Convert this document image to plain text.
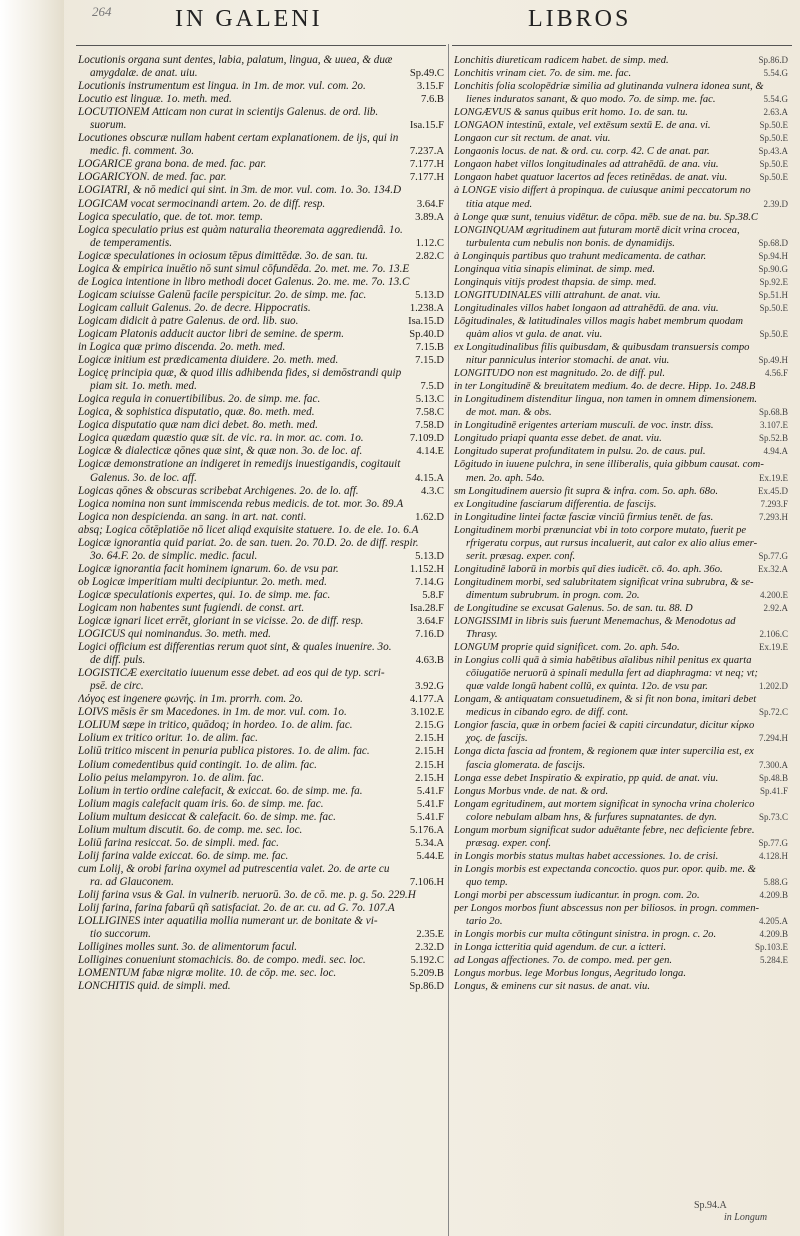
264	IN GALENI	LIBROS
Locutionis organa sunt dentes, labia, palatum, lingua, & uuea, & duæ
amygdalæ. de anat. uiu.	Sp.49.C
Locutionis instrumentum est lingua. in 1m. de mor. vul. com. 2o.	3.15.F
Locutio est linguæ. 1o. meth. med.	7.6.B
LOCUTIONEM Atticam non curat in scientijs Galenus. de ord. lib.
suorum.	Isa.15.F
Locutiones obscuræ nullam habent certam explanationem. de ijs, qui in
medic. fi. comment. 3o.	7.237.A
LOGARICE grana bona. de med. fac. par.	7.177.H
LOGARICYON. de med. fac. par.	7.177.H
LOGIATRI, & nō medici qui sint. in 3m. de mor. vul. com. 1o. 3o. 134.D
LOGICAM vocat sermocinandi artem. 2o. de diff. resp.	3.64.F
Logica speculatio, que. de tot. mor. temp.	3.89.A
Logica speculatio prius est quàm naturalia theoremata aggrediendâ. 1o.
de temperamentis.	1.12.C
Logicæ speculationes in ociosum tēpus dimittēdæ. 3o. de san. tu.	2.82.C
Logica & empirica inuētio nō sunt simul cōfundēda. 2o. met. me. 7o. 13.E
de Logica intentione in libro methodi docet Galenus. 2o. me. me. 7o. 13.C
Logicam sciuisse Galenū facile perspicitur. 2o. de simp. me. fac.	5.13.D
Logicam calluit Galenus. 2o. de decre. Hippocratis.	1.238.A
Logicam didicit à patre Galenus. de ord. lib. suo.	Isa.15.D
Logicam Platonis adducit auctor libri de semine. de sperm.	Sp.40.D
in Logica quæ primo discenda. 2o. meth. med.	7.15.B
Logicæ initium est prædicamenta diuidere. 2o. meth. med.	7.15.D
Logicę principia quæ, & quod illis adhibenda fides, si demōstrandi quip
piam sit. 1o. meth. med.	7.5.D
Logica regula in conuertibilibus. 2o. de simp. me. fac.	5.13.C
Logica, & sophistica disputatio, quæ. 8o. meth. med.	7.58.C
Logica disputatio quæ nam dici debet. 8o. meth. med.	7.58.D
Logica quædam quæstio quæ sit. de vic. ra. in mor. ac. com. 1o.	7.109.D
Logicæ & dialecticæ qōnes quæ sint, & quæ non. 3o. de loc. af.	4.14.E
Logicæ demonstratione an indigeret in remedijs inuestigandis, cogitauit
Galenus. 3o. de loc. aff.	4.15.A
Logicas qōnes & obscuras scribebat Archigenes. 2o. de lo. aff.	4.3.C
Logica nomina non sunt immiscenda rebus medicis. de tot. mor. 3o. 89.A
Logica non despicienda. an sang. in art. nat. conti.	1.62.D
absq; Logica cōtēplatiōe nō licet aliqd exquisite statuere. 1o. de ele. 1o. 6.A
Logicæ ignorantia quid pariat. 2o. de san. tuen. 2o. 70.D. 2o. de diff. respir.
3o. 64.F. 2o. de simplic. medic. facul.	5.13.D
Logicæ ignorantia facit hominem ignarum. 6o. de vsu par.	1.152.H
ob Logicæ imperitiam multi decipiuntur. 2o. meth. med.	7.14.G
Logicæ speculationis expertes, qui. 1o. de simp. me. fac.	5.8.F
Logicam non habentes sunt fugiendi. de const. art.	Isa.28.F
Logicæ ignari licet errēt, gloriant in se vicisse. 2o. de diff. resp.	3.64.F
LOGICUS qui nominandus. 3o. meth. med.	7.16.D
Logici officium est differentias rerum quot sint, & quales inuenire. 3o.
de diff. puls.	4.63.B
LOGISTICÆ exercitatio iuuenum esse debet. ad eos qui de typ. scri-
psē. de circ.	3.92.G
Λόγος est ingenere φωνής. in 1m. prorrh. com. 2o.	4.177.A
LOIVS mēsis ēr sm Macedones. in 1m. de mor. vul. com. 1o.	3.102.E
LOLIUM sæpe in tritico, quādoq; in hordeo. 1o. de alim. fac.	2.15.G
Lolium ex tritico oritur. 1o. de alim. fac.	2.15.H
Loliū tritico miscent in penuria publica pistores. 1o. de alim. fac.	2.15.H
Lolium comedentibus quid contingit. 1o. de alim. fac.	2.15.H
Lolio peius melampyron. 1o. de alim. fac.	2.15.H
Lolium in tertio ordine calefacit, & exiccat. 6o. de simp. me. fa.	5.41.F
Lolium magis calefacit quam iris. 6o. de simp. me. fac.	5.41.F
Lolium multum desiccat & calefacit. 6o. de simp. me. fac.	5.41.F
Lolium multum discutit. 6o. de comp. me. sec. loc.	5.176.A
Loliū farina resiccat. 5o. de simpli. med. fac.	5.34.A
Lolij farina valde exiccat. 6o. de simp. me. fac.	5.44.E
cum Lolij, & orobi farina oxymel ad putrescentia valet. 2o. de arte cu
ra. ad Glauconem.	7.106.H
Lolij farina vsus & Gal. in vulnerib. neruorū. 3o. de cō. me. p. g. 5o. 229.H
Lolij farina, farina fabarū qñ satisfaciat. 2o. de ar. cu. ad G. 7o. 107.A
LOLLIGINES inter aquatilia mollia numerant ur. de bonitate & vi-
tio succorum.	2.35.E
Lolligines molles sunt. 3o. de alimentorum facul.	2.32.D
Lolligines conueniunt stomachicis. 8o. de compo. medi. sec. loc.	5.192.C
LOMENTUM fabæ nigræ molite. 10. de cōp. me. sec. loc.	5.209.B
LONCHITIS quid. de simpli. med.	Sp.86.D
Lonchitis diureticam radicem habet. de simp. med.	Sp.86.D
Lonchitis vrinam ciet. 7o. de sim. me. fac.	5.54.G
Lonchitis folia scolopēdriæ similia ad glutinanda vulnera idonea sunt, &
lienes induratos sanant, & quo modo. 7o. de simp. me. fac.	5.54.G
LONGÆVUS & sanus quibus erit homo. 1o. de san. tu.	2.63.A
LONGAON intestinū, extale, vel extēsum sextū E. de ana. vi.	Sp.50.E
Longaon cur sit rectum. de anat. viu.	Sp.50.E
Longaonis locus. de nat. & ord. cu. corp. 42. C de anat. par.	Sp.43.A
Longaon habet villos longitudinales ad attrahēdū. de ana. viu.	Sp.50.E
Longaon habet quatuor lacertos ad feces retinēdas. de anat. viu.	Sp.50.E
à LONGE visio differt à propinqua. de cuiusque animi peccatorum no
titia atque med.	2.39.D
à Longe quæ sunt, tenuius vidētur. de cōpa. mēb. sue de na. bu. Sp.38.C
LONGINQUAM ægritudinem aut futuram mortē dicit vrina crocea,
turbulenta cum nebulis non bonis. de dynamidijs.	Sp.68.D
à Longinquis partibus quo trahunt medicamenta. de cathar.	Sp.94.H
Longinqua vitia sinapis eliminat. de simp. med.	Sp.90.G
Longinquis vitijs prodest thapsia. de simp. med.	Sp.92.E
LONGITUDINALES villi attrahunt. de anat. viu.	Sp.51.H
Longitudinales villos habet longaon ad attrahēdū. de ana. viu.	Sp.50.E
Lōgitudinales, & latitudinales villos magis habet membrum quodam
quàm alios vt gula. de anat. viu.	Sp.50.E
ex Longitudinalibus filis quibusdam, & quibusdam transuersis compo
nitur panniculus interior stomachi. de anat. viu.	Sp.49.H
LONGITUDO non est magnitudo. 2o. de diff. pul.	4.56.F
in ter Longitudinē & breuitatem medium. 4o. de decre. Hipp. 1o. 248.B
in Longitudinem distenditur lingua, non tamen in omnem dimensionem.
de mot. man. & obs.	Sp.68.B
in Longitudinē erigentes arteriam musculi. de voc. instr. diss.	3.107.E
Longitudo priapi quanta esse debet. de anat. viu.	Sp.52.B
Longitudo superat profunditatem in pulsu. 2o. de caus. pul.	4.94.A
Lōgitudo in iuuene pulchra, in sene illiberalis, quia gibbum causat. com-
men. 2o. aph. 54o.	Ex.19.E
sm Longitudinem auersio fit supra & infra. com. 5o. aph. 68o.	Ex.45.D
ex Longitudine fasciarum differentia. de fascijs.	7.293.F
in Longitudine lintei factæ fasciæ vinciū firmius tenēt. de fas.	7.293.H
Longitudinem morbi prænunciat vbi in toto corpore mutato, fuerit pe
rfrigeratu corpus, aut rursus incaluerit, aut calor ex alio alius emer-
serit. præsag. exper. conf.	Sp.77.G
Longitudinē laborū in morbis quī dies iudicēt. cō. 4o. aph. 36o.	Ex.32.A
Longitudinem morbi, sed salubritatem significat vrina subrubra, & se-
dimentum subrubrum. in progn. com. 2o.	4.200.E
de Longitudine se excusat Galenus. 5o. de san. tu. 88. D	2.92.A
LONGISSIMI in libris suis fuerunt Menemachus, & Menodotus ad
Thrasy.	2.106.C
LONGUM proprie quid significet. com. 2o. aph. 54o.	Ex.19.E
in Longius colli quā à simia habētibus aīalibus nihil penitus ex quarta
cōiugatiōe neruorū à spinali medulla fert ad diaphragma: vt neq; vt;
quæ valde longū habent collū, ex quinta. 12o. de vsu par.	1.202.D
Longam, & antiquatam consuetudinem, & si fit non bona, imitari debet
medicus in cibando egro. de diff. cont.	Sp.72.C
Longior fascia, quæ in orbem faciei & capiti circundatur, dicitur κίρκο
χος. de fascijs.	7.294.H
Longa dicta fascia ad frontem, & regionem quæ inter supercilia est, ex
fascia glomerata. de fascijs.	7.300.A
Longa esse debet Inspiratio & expiratio, pp quid. de anat. viu.	Sp.48.B
Longus Morbus vnde. de nat. & ord.	Sp.41.F
Longam egritudinem, aut mortem significat in synocha vrina cholerico
colore nebulam albam hns, & furfures supnatantes. de dyn.	Sp.73.C
Longum morbum significat sudor aduētante febre, nec deficiente febre.
præsag. exper. conf.	Sp.77.G
in Longis morbis status multas habet accessiones. 1o. de crisi.	4.128.H
in Longis morbis est expectanda concoctio. quos pur. opor. quib. me. &
quo temp.	5.88.G
Longi morbi per abscessum iudicantur. in progn. com. 2o.	4.209.B
per Longos morbos fiunt abscessus non per biliosos. in progn. commen-
tario 2o.	4.205.A
in Longis morbis cur multa cōtingunt sinistra. in progn. c. 2o.	4.209.B
in Longa ictteritia quid agendum. de cur. a ictteri.	Sp.103.E
ad Longas affectiones. 7o. de compo. med. per gen.	5.284.E
Longus morbus. lege Morbus longus, Aegritudo longa.
Longus, & eminens cur sit nasus. de anat. viu.
Sp.94.A
in Longum
